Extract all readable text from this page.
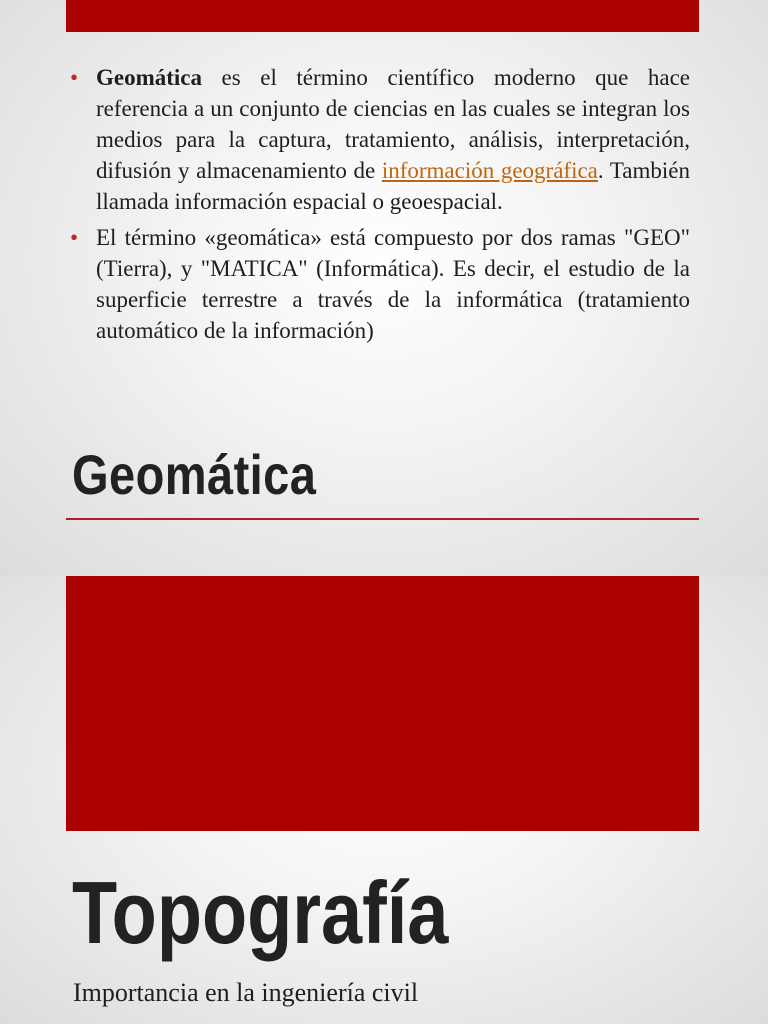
• Geomática es el término científico moderno que hace referencia a un conjunto de ciencias en las cuales se integran los medios para la captura, tratamiento, análisis, interpretación, difusión y almacenamiento de información geográfica. También llamada información espacial o geoespacial.
• El término «geomática» está compuesto por dos ramas "GEO" (Tierra), y "MATICA" (Informática). Es decir, el estudio de la superficie terrestre a través de la informática (tratamiento automático de la información)
Geomática
Topografía

Importancia en la ingeniería civil
